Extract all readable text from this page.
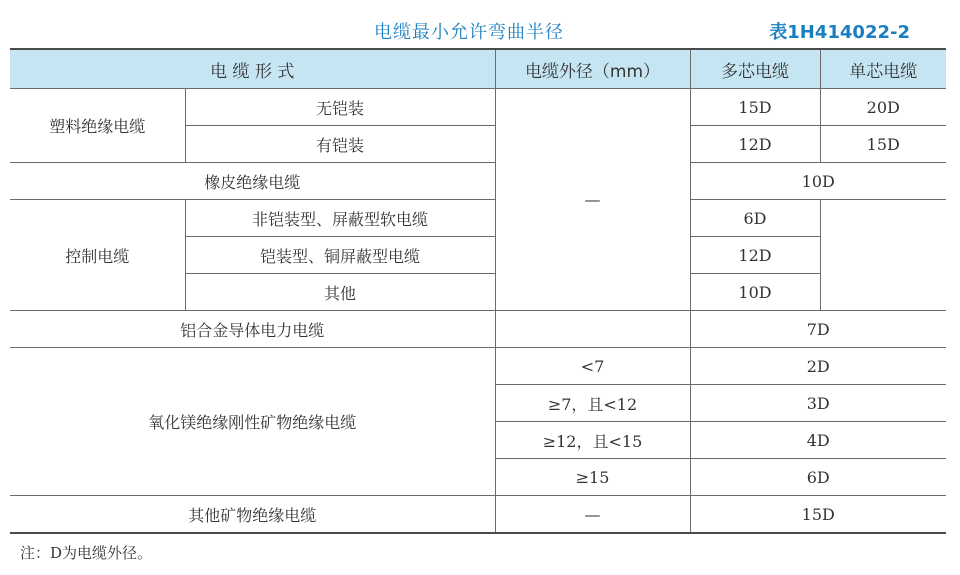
电缆最小允许弯曲半径	表1H414022-2
电 缆 形 式		电缆外径（mm）	多芯电缆	单芯电缆
塑料绝缘电缆	无铠装	—	15D	20D
	有铠装		12D	15D
橡皮绝缘电缆			10D	
控制电缆	非铠装型、屏蔽型软电缆		6D	
	铠装型、铜屏蔽型电缆		12D	
	其他		10D	
铝合金导体电力电缆			7D	
氧化镁绝缘刚性矿物绝缘电缆		<7	2D	
		≥7，且<12	3D	
		≥12，且<15	4D	
		≥15	6D	
其他矿物绝缘电缆		—	15D	
注：D为电缆外径。
